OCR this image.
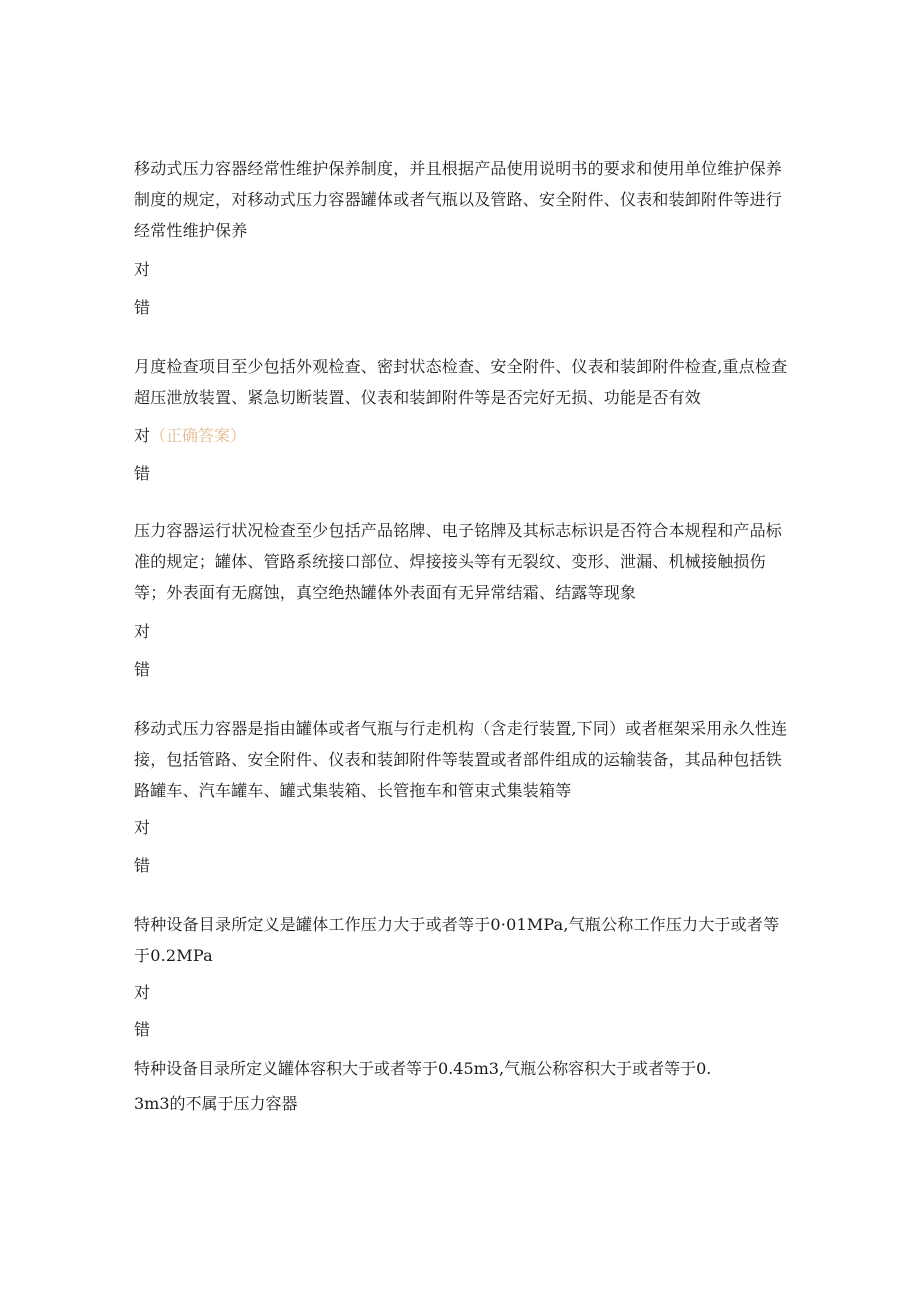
移动式压力容器经常性维护保养制度，并且根据产品使用说明书的要求和使用单位维护保养制度的规定，对移动式压力容器罐体或者气瓶以及管路、安全附件、仪表和装卸附件等进行经常性维护保养

对

错

月度检查项目至少包括外观检查、密封状态检查、安全附件、仪表和装卸附件检查,重点检查超压泄放装置、紧急切断装置、仪表和装卸附件等是否完好无损、功能是否有效

对（正确答案）

错

压力容器运行状况检查至少包括产品铭牌、电子铭牌及其标志标识是否符合本规程和产品标准的规定；罐体、管路系统接口部位、焊接接头等有无裂纹、变形、泄漏、机械接触损伤等；外表面有无腐蚀，真空绝热罐体外表面有无异常结霜、结露等现象

对

错

移动式压力容器是指由罐体或者气瓶与行走机构（含走行装置,下同）或者框架采用永久性连接，包括管路、安全附件、仪表和装卸附件等装置或者部件组成的运输装备，其品种包括铁路罐车、汽车罐车、罐式集装箱、长管拖车和管束式集装箱等

对

错

特种设备目录所定义是罐体工作压力大于或者等于0·01MPa,气瓶公称工作压力大于或者等于0.2MPa

对

错

特种设备目录所定义罐体容积大于或者等于0.45m3,气瓶公称容积大于或者等于0.

3m3的不属于压力容器
